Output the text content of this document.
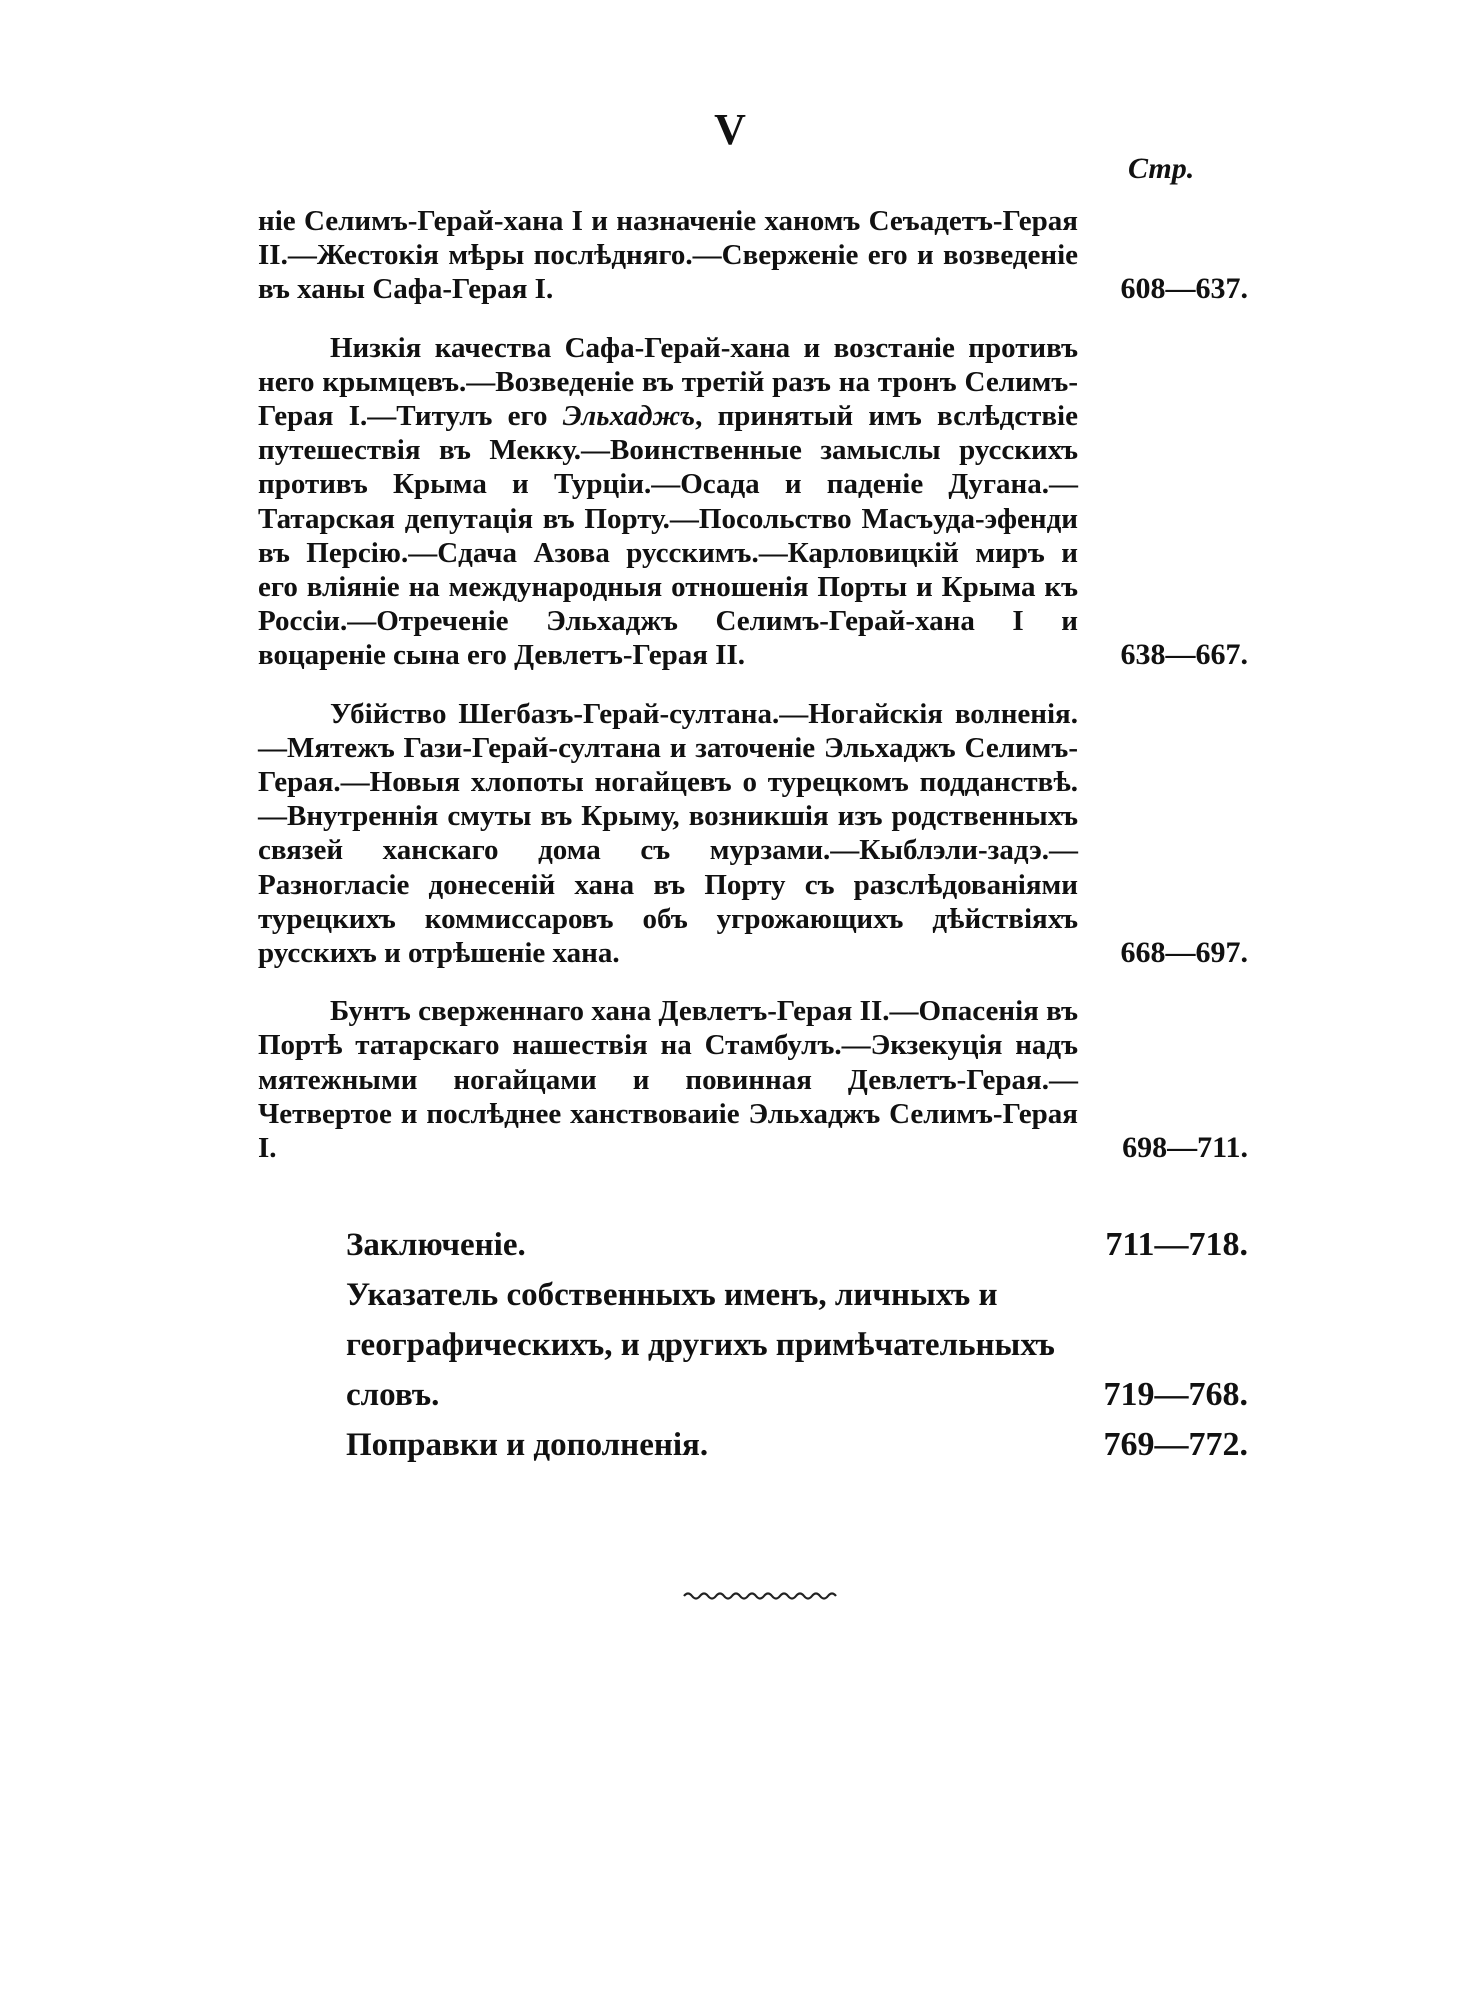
V
Стр.
ніе Селимъ-Герай-хана I и назначеніе ханомъ Сеъадетъ-Герая II.—Жестокія мѣры послѣдняго.—Сверженіе его и возведеніе въ ханы Сафа-Герая I.	608—637.
Низкія качества Сафа-Герай-хана и возстаніе противъ него крымцевъ.—Возведеніе въ третій разъ на тронъ Селимъ-Герая I.—Титулъ его Эльхаджъ, принятый имъ вслѣдствіе путешествія въ Мекку.—Воинственные замыслы русскихъ противъ Крыма и Турціи.—Осада и паденіе Дугана.—Татарская депутація въ Порту.—Посольство Масъуда-эфенди въ Персію.—Сдача Азова русскимъ.—Карловицкій миръ и его вліяніе на международныя отношенія Порты и Крыма къ Россіи.—Отреченіе Эльхаджъ Селимъ-Герай-хана I и воцареніе сына его Девлетъ-Герая II.	638—667.
Убійство Шегбазъ-Герай-султана.—Ногайскія волненія.—Мятежъ Гази-Герай-султана и заточеніе Эльхаджъ Селимъ-Герая.—Новыя хлопоты ногайцевъ о турецкомъ подданствѣ.—Внутреннія смуты въ Крыму, возникшія изъ родственныхъ связей ханскаго дома съ мурзами.—Кыблэли-задэ.—Разногласіе донесеній хана въ Порту съ разслѣдованіями турецкихъ коммиссаровъ объ угрожающихъ дѣйствіяхъ русскихъ и отрѣшеніе хана.	668—697.
Бунтъ сверженнаго хана Девлетъ-Герая II.—Опасенія въ Портѣ татарскаго нашествія на Стамбулъ.—Экзекуція надъ мятежными ногайцами и повинная Девлетъ-Герая.—Четвертое и послѣднее ханствоваиіе Эльхаджъ Селимъ-Герая I.	698—711.
Заключеніе.	711—718.
Указатель собственныхъ именъ, личныхъ и географическихъ, и другихъ примѣчательныхъ словъ.	719—768.
Поправки и дополненія.	769—772.
